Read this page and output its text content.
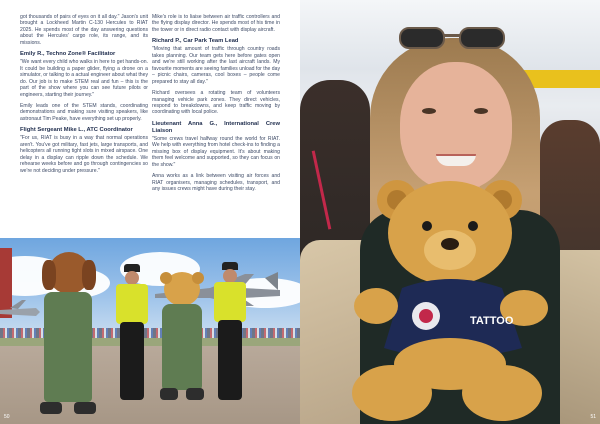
got thousands of pairs of eyes on it all day." Jason's unit brought a Lockheed Martin C-130 Hercules to RIAT 2025. He spends most of the day answering questions about the Hercules' cargo role, its range, and its missions.

Emily R., Techno Zone® Facilitator

"We want every child who walks in here to get hands-on. It could be building a paper glider, flying a drone on a simulator, or talking to a actual engineer about what they do. Our job is to make STEM real and fun – this is the part of the show where you can see future pilots or engineers, starting their journey."

Emily leads one of the STEM stands, coordinating demonstrations and making sure visiting speakers, like astronaut Tim Peake, have everything set up properly.

Flight Sergeant Mike L., ATC Coordinator

"For us, RIAT is busy in a way that normal operations aren't. You've got military, fast jets, large transports, and helicopters all running tight slots in mixed airspace. One delay in a display can ripple down the schedule. We rehearse weeks before and go through contingencies so we're not deciding under pressure."

Mike's role is to liaise between air traffic controllers and the flying display director. He spends most of his time in the tower or in direct radio contact with display aircraft.

Richard P., Car Park Team Lead

"Moving that amount of traffic through country roads takes planning. Our team gets here before gates open and we're still working after the last aircraft lands. My favourite moments are seeing families unload for the day – picnic chairs, cameras, cool boxes – people come prepared to stay all day."

Richard oversees a rotating team of volunteers managing vehicle park zones. They direct vehicles, respond to breakdowns, and keep traffic moving by coordinating with local police.

Lieutenant Anna G., International Crew Liaison

"Some crews travel halfway round the world for RIAT. We help with everything from hotel check-ins to finding a missing box of display equipment. It's about making them feel welcome and supported, so they can focus on the show."

Anna works as a link between visiting air forces and RIAT organisers, managing schedules, transport, and any issues crews might have during their stay.

50	51
TATTOO
